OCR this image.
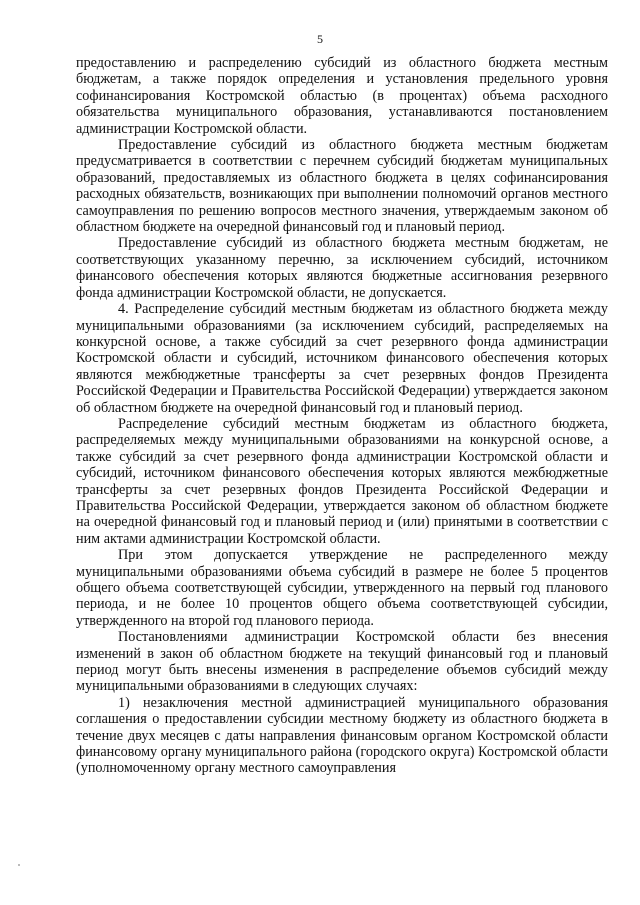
5

предоставлению и распределению субсидий из областного бюджета местным бюджетам, а также порядок определения и установления предельного уровня софинансирования Костромской областью (в процентах) объема расходного обязательства муниципального образования, устанавливаются постановлением администрации Костромской области.

Предоставление субсидий из областного бюджета местным бюджетам предусматривается в соответствии с перечнем субсидий бюджетам муниципальных образований, предоставляемых из областного бюджета в целях софинансирования расходных обязательств, возникающих при выполнении полномочий органов местного самоуправления по решению вопросов местного значения, утверждаемым законом об областном бюджете на очередной финансовый год и плановый период.

Предоставление субсидий из областного бюджета местным бюджетам, не соответствующих указанному перечню, за исключением субсидий, источником финансового обеспечения которых являются бюджетные ассигнования резервного фонда администрации Костромской области, не допускается.

4. Распределение субсидий местным бюджетам из областного бюджета между муниципальными образованиями (за исключением субсидий, распределяемых на конкурсной основе, а также субсидий за счет резервного фонда администрации Костромской области и субсидий, источником финансового обеспечения которых являются межбюджетные трансферты за счет резервных фондов Президента Российской Федерации и Правительства Российской Федерации) утверждается законом об областном бюджете на очередной финансовый год и плановый период.

Распределение субсидий местным бюджетам из областного бюджета, распределяемых между муниципальными образованиями на конкурсной основе, а также субсидий за счет резервного фонда администрации Костромской области и субсидий, источником финансового обеспечения которых являются межбюджетные трансферты за счет резервных фондов Президента Российской Федерации и Правительства Российской Федерации, утверждается законом об областном бюджете на очередной финансовый год и плановый период и (или) принятыми в соответствии с ним актами администрации Костромской области.

При этом допускается утверждение не распределенного между муниципальными образованиями объема субсидий в размере не более 5 процентов общего объема соответствующей субсидии, утвержденного на первый год планового периода, и не более 10 процентов общего объема соответствующей субсидии, утвержденного на второй год планового периода.

Постановлениями администрации Костромской области без внесения изменений в закон об областном бюджете на текущий финансовый год и плановый период могут быть внесены изменения в распределение объемов субсидий между муниципальными образованиями в следующих случаях:

1) незаключения местной администрацией муниципального образования соглашения о предоставлении субсидии местному бюджету из областного бюджета в течение двух месяцев с даты направления финансовым органом Костромской области финансовому органу муниципального района (городского округа) Костромской области (уполномоченному органу местного самоуправления
